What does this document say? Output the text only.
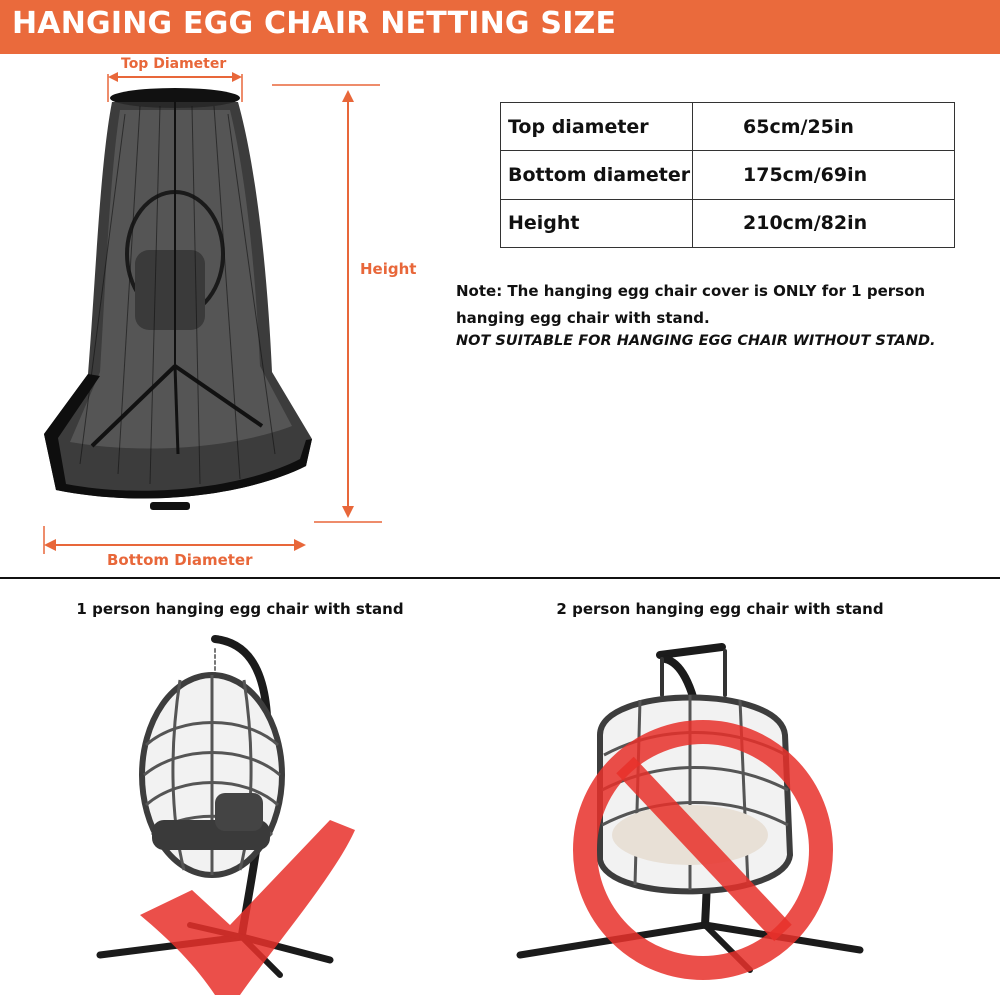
HANGING EGG CHAIR NETTING SIZE
Top Diameter
Height
Bottom Diameter
Top diameter	65cm/25in
Bottom diameter	175cm/69in
Height	210cm/82in
Note: The hanging egg chair cover is ONLY for 1 person hanging egg chair with stand.
NOT SUITABLE FOR HANGING EGG CHAIR WITHOUT STAND.
1 person hanging egg chair with stand	2 person hanging egg chair with stand
